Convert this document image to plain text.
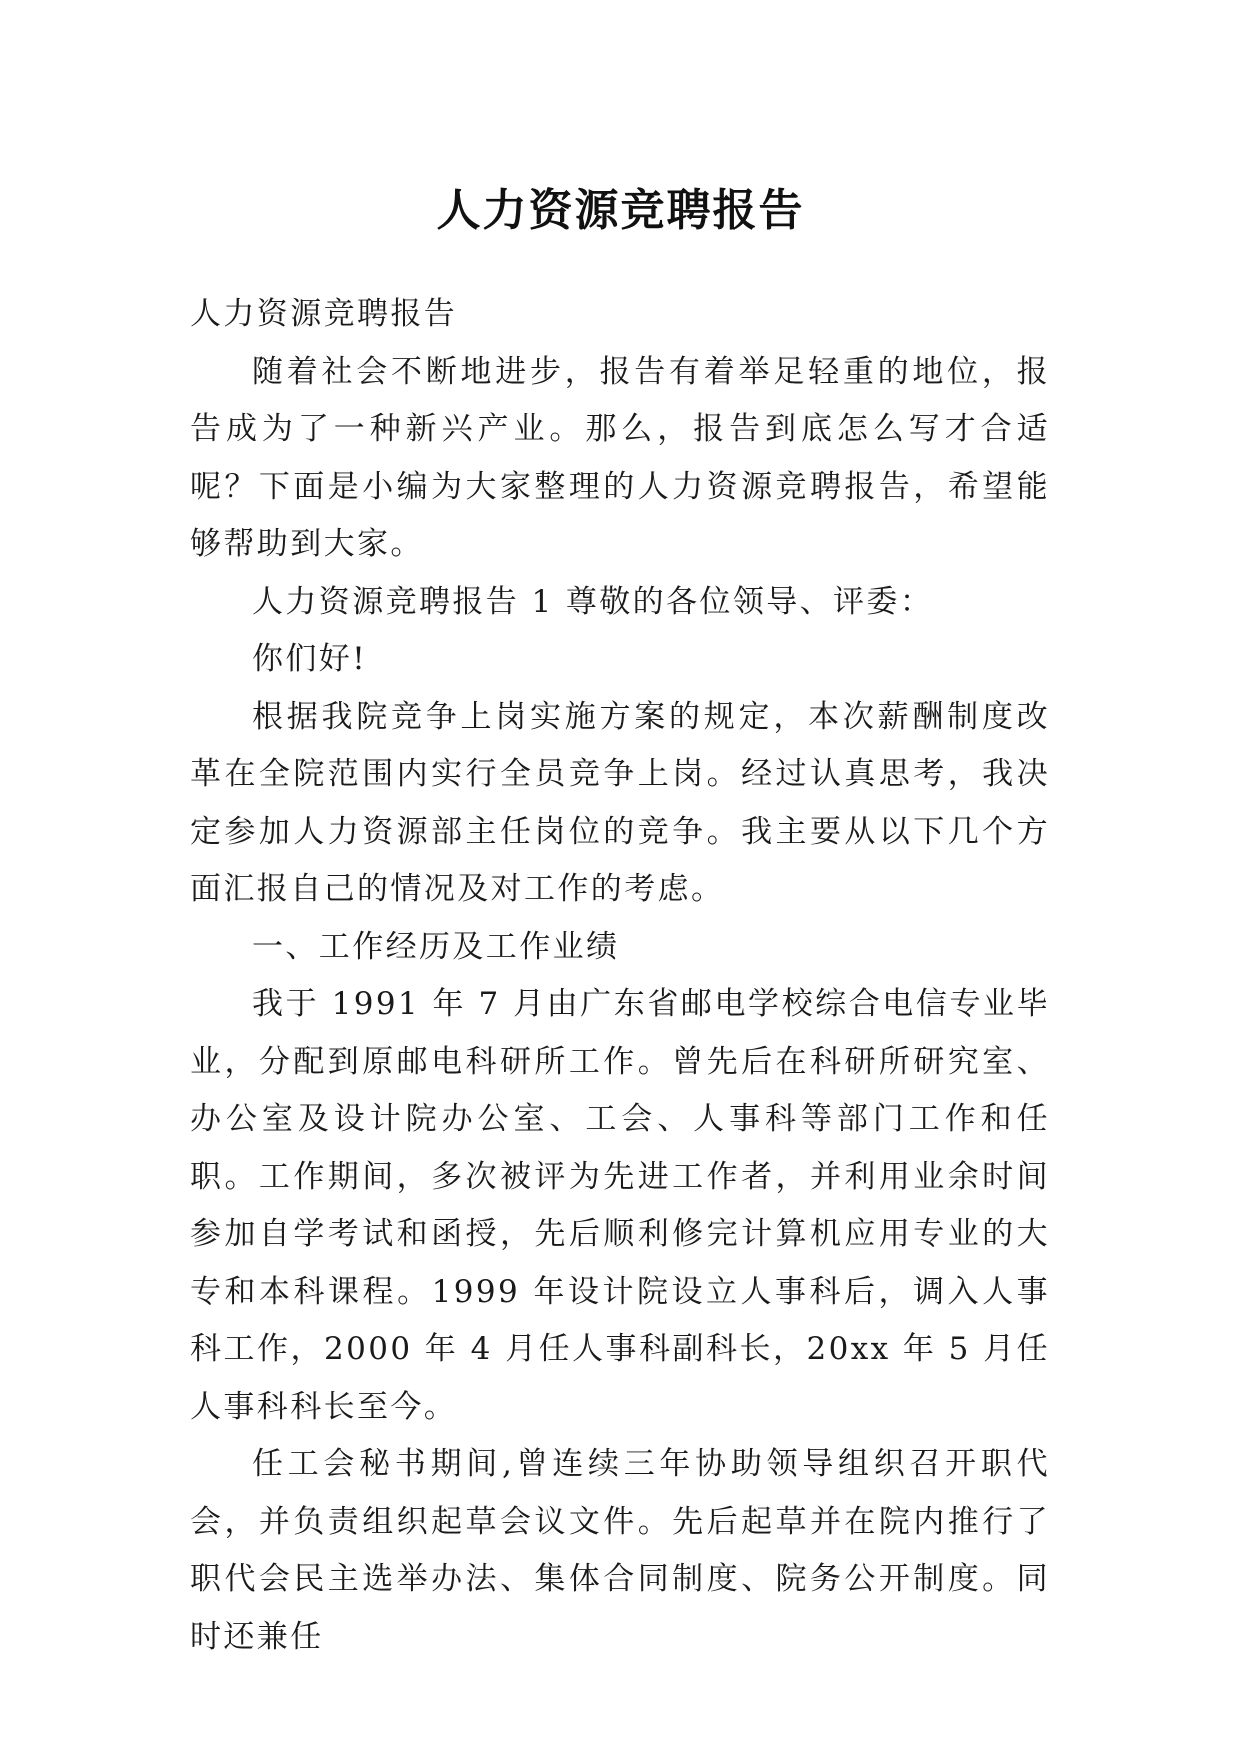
人力资源竞聘报告

人力资源竞聘报告

随着社会不断地进步，报告有着举足轻重的地位，报告成为了一种新兴产业。那么，报告到底怎么写才合适呢？下面是小编为大家整理的人力资源竞聘报告，希望能够帮助到大家。

人力资源竞聘报告 1 尊敬的各位领导、评委：

你们好!

根据我院竞争上岗实施方案的规定，本次薪酬制度改革在全院范围内实行全员竞争上岗。经过认真思考，我决定参加人力资源部主任岗位的竞争。我主要从以下几个方面汇报自己的情况及对工作的考虑。

一、工作经历及工作业绩

我于 1991 年 7 月由广东省邮电学校综合电信专业毕业，分配到原邮电科研所工作。曾先后在科研所研究室、办公室及设计院办公室、工会、人事科等部门工作和任职。工作期间，多次被评为先进工作者，并利用业余时间参加自学考试和函授，先后顺利修完计算机应用专业的大专和本科课程。1999 年设计院设立人事科后，调入人事科工作，2000 年 4 月任人事科副科长，20xx 年 5 月任人事科科长至今。

任工会秘书期间,曾连续三年协助领导组织召开职代会，并负责组织起草会议文件。先后起草并在院内推行了职代会民主选举办法、集体合同制度、院务公开制度。同时还兼任
